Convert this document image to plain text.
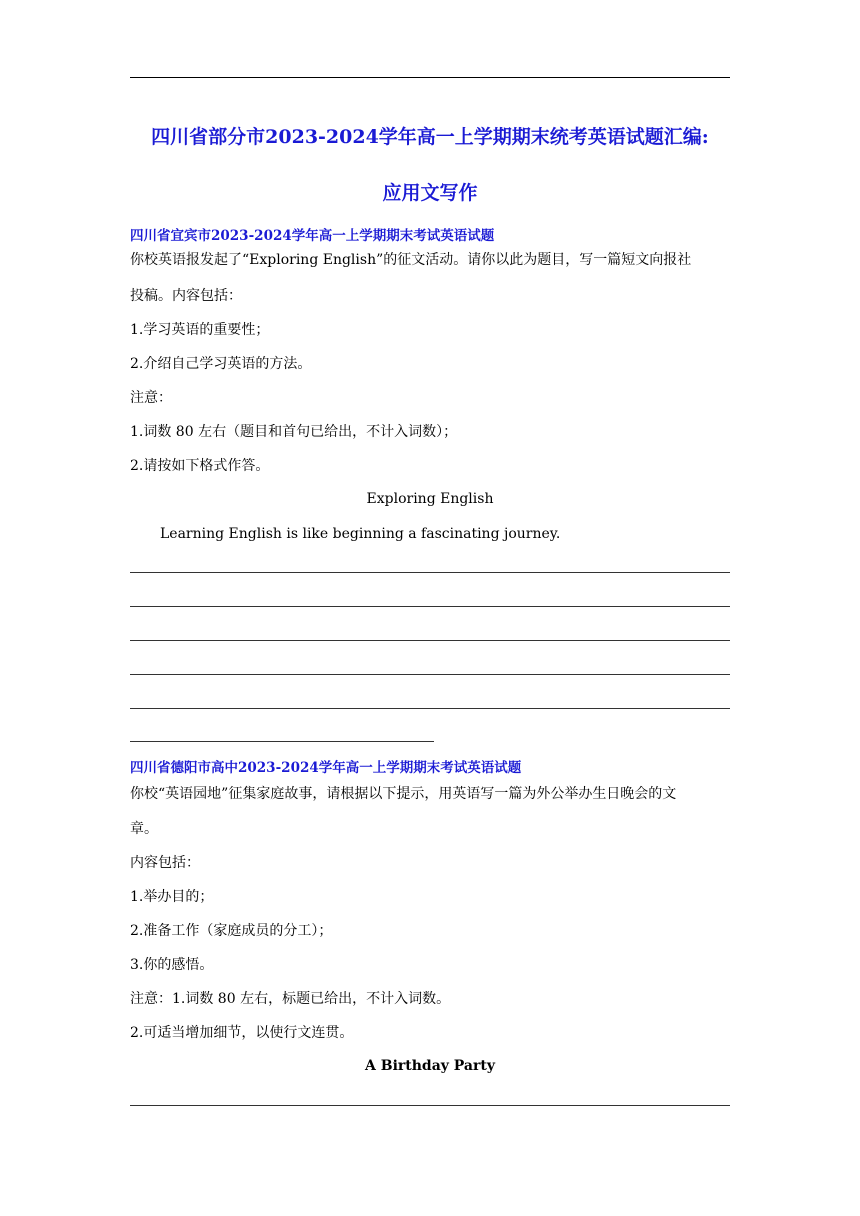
四川省部分市2023-2024学年高一上学期期末统考英语试题汇编:
应用文写作
四川省宜宾市2023-2024学年高一上学期期末考试英语试题
你校英语报发起了“Exploring English”的征文活动。请你以此为题目，写一篇短文向报社
投稿。内容包括：
1.学习英语的重要性；
2.介绍自己学习英语的方法。
注意：
1.词数 80 左右（题目和首句已给出，不计入词数）；
2.请按如下格式作答。
Exploring English
Learning English is like beginning a fascinating journey.
四川省德阳市高中2023-2024学年高一上学期期末考试英语试题
你校“英语园地”征集家庭故事，请根据以下提示，用英语写一篇为外公举办生日晚会的文
章。
内容包括：
1.举办目的；
2.准备工作（家庭成员的分工）；
3.你的感悟。
注意：1.词数 80 左右，标题已给出，不计入词数。
2.可适当增加细节，以使行文连贯。
A Birthday Party
